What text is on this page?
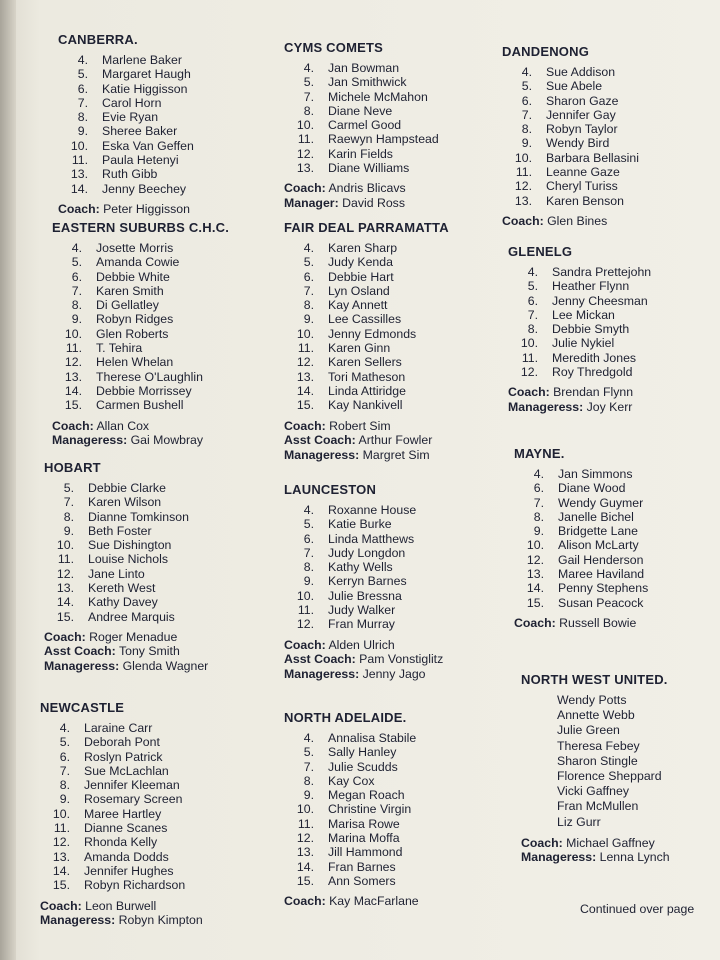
CANBERRA.
4.	Marlene Baker
5.	Margaret Haugh
6.	Katie Higgisson
7.	Carol Horn
8.	Evie Ryan
9.	Sheree Baker
10.	Eska Van Geffen
11.	Paula Hetenyi
13.	Ruth Gibb
14.	Jenny Beechey
Coach: Peter Higgisson
EASTERN SUBURBS C.H.C.
4.	Josette Morris
5.	Amanda Cowie
6.	Debbie White
7.	Karen Smith
8.	Di Gellatley
9.	Robyn Ridges
10.	Glen Roberts
11.	T. Tehira
12.	Helen Whelan
13.	Therese O'Laughlin
14.	Debbie Morrissey
15.	Carmen Bushell
Coach: Allan Cox
Manageress: Gai Mowbray
HOBART
5.	Debbie Clarke
7.	Karen Wilson
8.	Dianne Tomkinson
9.	Beth Foster
10.	Sue Dishington
11.	Louise Nichols
12.	Jane Linto
13.	Kereth West
14.	Kathy Davey
15.	Andree Marquis
Coach: Roger Menadue
Asst Coach: Tony Smith
Manageress: Glenda Wagner
NEWCASTLE
4.	Laraine Carr
5.	Deborah Pont
6.	Roslyn Patrick
7.	Sue McLachlan
8.	Jennifer Kleeman
9.	Rosemary Screen
10.	Maree Hartley
11.	Dianne Scanes
12.	Rhonda Kelly
13.	Amanda Dodds
14.	Jennifer Hughes
15.	Robyn Richardson
Coach: Leon Burwell
Manageress: Robyn Kimpton
CYMS COMETS
4.	Jan Bowman
5.	Jan Smithwick
7.	Michele McMahon
8.	Diane Neve
10.	Carmel Good
11.	Raewyn Hampstead
12.	Karin Fields
13.	Diane Williams
Coach: Andris Blicavs
Manager: David Ross
FAIR DEAL PARRAMATTA
4.	Karen Sharp
5.	Judy Kenda
6.	Debbie Hart
7.	Lyn Osland
8.	Kay Annett
9.	Lee Cassilles
10.	Jenny Edmonds
11.	Karen Ginn
12.	Karen Sellers
13.	Tori Matheson
14.	Linda Attiridge
15.	Kay Nankivell
Coach: Robert Sim
Asst Coach: Arthur Fowler
Manageress: Margret Sim
LAUNCESTON
4.	Roxanne House
5.	Katie Burke
6.	Linda Matthews
7.	Judy Longdon
8.	Kathy Wells
9.	Kerryn Barnes
10.	Julie Bressna
11.	Judy Walker
12.	Fran Murray
Coach: Alden Ulrich
Asst Coach: Pam Vonstiglitz
Manageress: Jenny Jago
NORTH ADELAIDE.
4.	Annalisa Stabile
5.	Sally Hanley
7.	Julie Scudds
8.	Kay Cox
9.	Megan Roach
10.	Christine Virgin
11.	Marisa Rowe
12.	Marina Moffa
13.	Jill Hammond
14.	Fran Barnes
15.	Ann Somers
Coach: Kay MacFarlane
DANDENONG
4.	Sue Addison
5.	Sue Abele
6.	Sharon Gaze
7.	Jennifer Gay
8.	Robyn Taylor
9.	Wendy Bird
10.	Barbara Bellasini
11.	Leanne Gaze
12.	Cheryl Turiss
13.	Karen Benson
Coach: Glen Bines
GLENELG
4.	Sandra Prettejohn
5.	Heather Flynn
6.	Jenny Cheesman
7.	Lee Mickan
8.	Debbie Smyth
10.	Julie Nykiel
11.	Meredith Jones
12.	Roy Thredgold
Coach: Brendan Flynn
Manageress: Joy Kerr
MAYNE.
4.	Jan Simmons
6.	Diane Wood
7.	Wendy Guymer
8.	Janelle Bichel
9.	Bridgette Lane
10.	Alison McLarty
12.	Gail Henderson
13.	Maree Haviland
14.	Penny Stephens
15.	Susan Peacock
Coach: Russell Bowie
NORTH WEST UNITED.
Wendy Potts
Annette Webb
Julie Green
Theresa Febey
Sharon Stingle
Florence Sheppard
Vicki Gaffney
Fran McMullen
Liz Gurr
Coach: Michael Gaffney
Manageress: Lenna Lynch
Continued over page
